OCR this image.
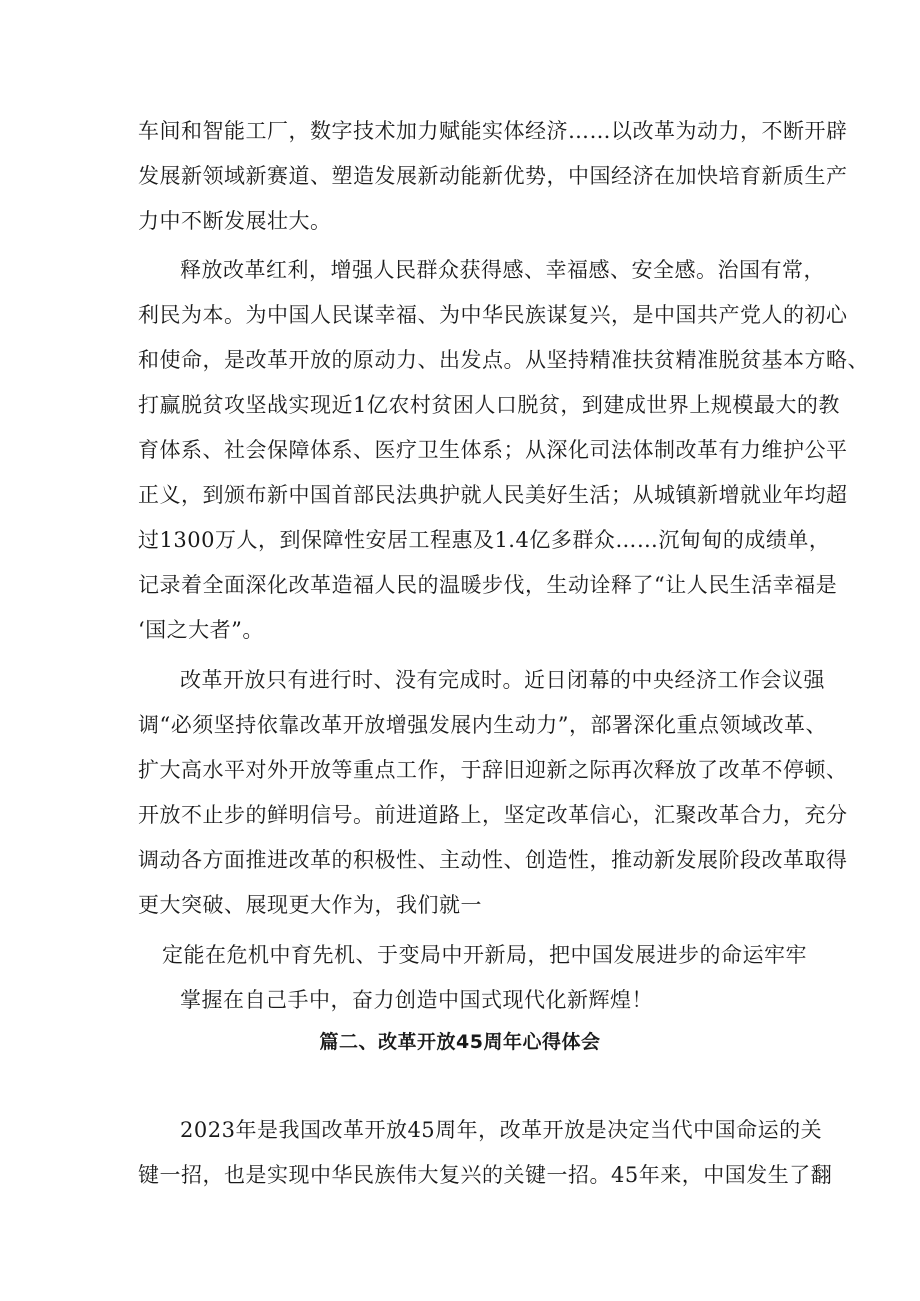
车间和智能工厂，数字技术加力赋能实体经济……以改革为动力，不断开辟
发展新领域新赛道、塑造发展新动能新优势，中国经济在加快培育新质生产
力中不断发展壮大。
释放改革红利，增强人民群众获得感、幸福感、安全感。治国有常，
利民为本。为中国人民谋幸福、为中华民族谋复兴，是中国共产党人的初心
和使命，是改革开放的原动力、出发点。从坚持精准扶贫精准脱贫基本方略、
打赢脱贫攻坚战实现近1亿农村贫困人口脱贫，到建成世界上规模最大的教
育体系、社会保障体系、医疗卫生体系；从深化司法体制改革有力维护公平
正义，到颁布新中国首部民法典护就人民美好生活；从城镇新增就业年均超
过1300万人，到保障性安居工程惠及1.4亿多群众……沉甸甸的成绩单，
记录着全面深化改革造福人民的温暖步伐，生动诠释了“让人民生活幸福是
‘国之大者”。
改革开放只有进行时、没有完成时。近日闭幕的中央经济工作会议强
调“必须坚持依靠改革开放增强发展内生动力”，部署深化重点领域改革、
扩大高水平对外开放等重点工作，于辞旧迎新之际再次释放了改革不停顿、
开放不止步的鲜明信号。前进道路上，坚定改革信心，汇聚改革合力，充分
调动各方面推进改革的积极性、主动性、创造性，推动新发展阶段改革取得
更大突破、展现更大作为，我们就一
定能在危机中育先机、于变局中开新局，把中国发展进步的命运牢牢
掌握在自己手中，奋力创造中国式现代化新辉煌！
篇二、改革开放45周年心得体会
2023年是我国改革开放45周年，改革开放是决定当代中国命运的关
键一招，也是实现中华民族伟大复兴的关键一招。45年来，中国发生了翻
